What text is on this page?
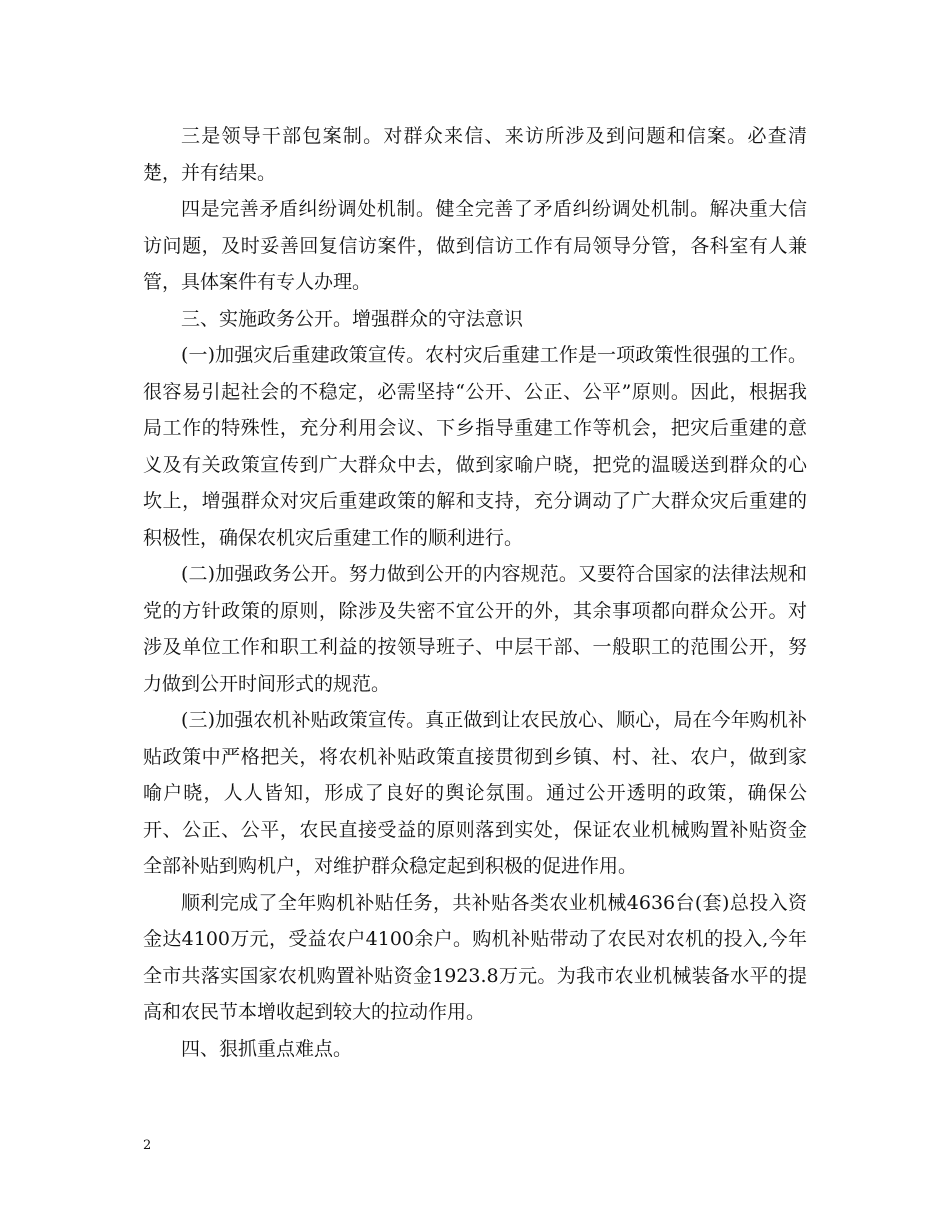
三是领导干部包案制。对群众来信、来访所涉及到问题和信案。必查清楚，并有结果。

四是完善矛盾纠纷调处机制。健全完善了矛盾纠纷调处机制。解决重大信访问题，及时妥善回复信访案件，做到信访工作有局领导分管，各科室有人兼管，具体案件有专人办理。

三、实施政务公开。增强群众的守法意识

(一)加强灾后重建政策宣传。农村灾后重建工作是一项政策性很强的工作。很容易引起社会的不稳定，必需坚持“公开、公正、公平”原则。因此，根据我局工作的特殊性，充分利用会议、下乡指导重建工作等机会，把灾后重建的意义及有关政策宣传到广大群众中去，做到家喻户晓，把党的温暖送到群众的心坎上，增强群众对灾后重建政策的解和支持，充分调动了广大群众灾后重建的积极性，确保农机灾后重建工作的顺利进行。

(二)加强政务公开。努力做到公开的内容规范。又要符合国家的法律法规和党的方针政策的原则，除涉及失密不宜公开的外，其余事项都向群众公开。对涉及单位工作和职工利益的按领导班子、中层干部、一般职工的范围公开，努力做到公开时间形式的规范。

(三)加强农机补贴政策宣传。真正做到让农民放心、顺心，局在今年购机补贴政策中严格把关，将农机补贴政策直接贯彻到乡镇、村、社、农户，做到家喻户晓，人人皆知，形成了良好的舆论氛围。通过公开透明的政策，确保公开、公正、公平，农民直接受益的原则落到实处，保证农业机械购置补贴资金全部补贴到购机户，对维护群众稳定起到积极的促进作用。

顺利完成了全年购机补贴任务，共补贴各类农业机械4636台(套)总投入资金达4100万元，受益农户4100余户。购机补贴带动了农民对农机的投入,今年全市共落实国家农机购置补贴资金1923.8万元。为我市农业机械装备水平的提高和农民节本增收起到较大的拉动作用。

四、狠抓重点难点。

2
